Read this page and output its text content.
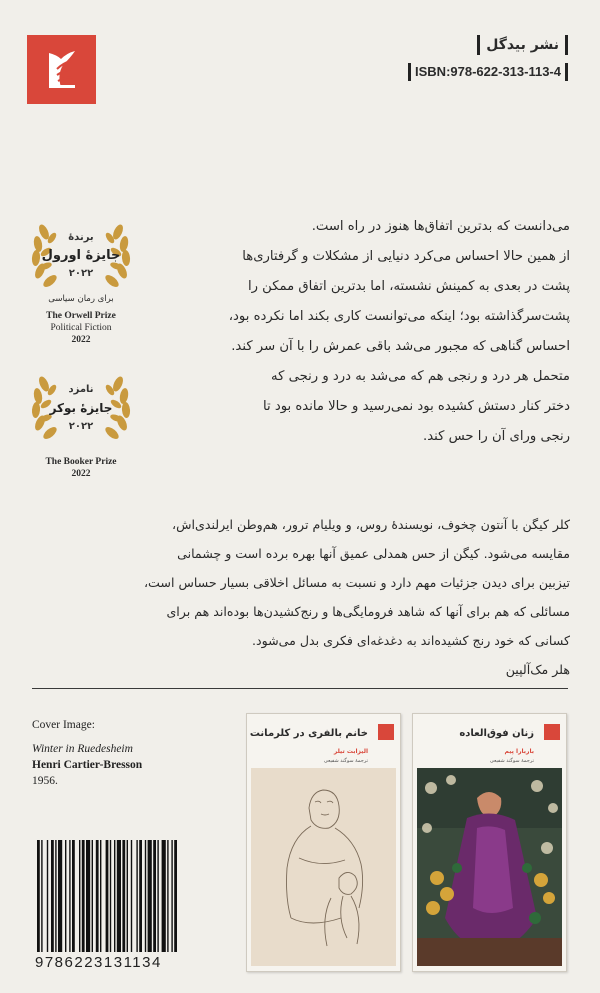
نشر بیدگل
ISBN:978-622-313-113-4
برندهٔ
جایزهٔ اورول
۲۰۲۲
برای رمان سیاسی
The Orwell Prize
Political Fiction
2022
نامزد
جایزهٔ بوکر
۲۰۲۲
The Booker Prize
2022
می‌دانست که بدترین اتفاق‌ها هنوز در راه است.
از همین حالا احساس می‌کرد دنیایی از مشکلات و گرفتاری‌ها
پشت در بعدی به کمینش نشسته، اما بدترین اتفاق ممکن را
پشت‌سرگذاشته بود؛ اینکه می‌توانست کاری بکند اما نکرده بود،
احساس گناهی که مجبور می‌شد باقی عمرش را با آن سر کند.
متحمل هر درد و رنجی هم که می‌شد به درد و رنجی که
دختر کنار دستش کشیده بود نمی‌رسید و حالا مانده بود تا
رنجی ورای آن را حس کند.
کلر کیگن با آنتون چخوف، نویسندهٔ روس، و ویلیام ترور، هم‌وطن ایرلندی‌اش،
مقایسه می‌شود. کیگن از حس همدلی عمیق آنها بهره برده است و چشمانی
تیزبین برای دیدن جزئیات مهم دارد و نسبت به مسائل اخلاقی بسیار حساس است،
مسائلی که هم برای آنها که شاهد فرومایگی‌ها و رنج‌کشیدن‌ها بوده‌اند هم برای
کسانی که خود رنج کشیده‌اند به دغدغه‌ای فکری بدل می‌شود.
هلر مک‌آلپین
Cover Image:
Winter in Ruedesheim
Henri Cartier-Bresson
1956.
خانم بالفری در کلرمانت
الیزابت تیلر
ترجمهٔ سوگند شفیعی
زنان فوق‌العاده
باربارا پیم
ترجمهٔ سوگند شفیعی
9786223131134
